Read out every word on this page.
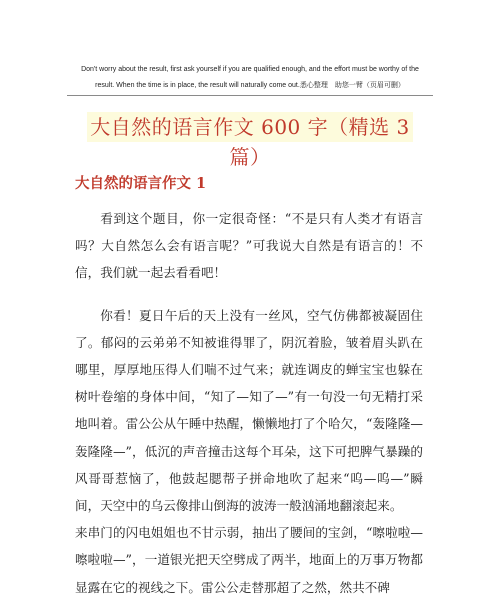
Don't worry about the result, first ask yourself if you are qualified enough, and the effort must be worthy of the
result. When the time is in place, the result will naturally come out.悉心整理　助您一臂（页眉可删）
大自然的语言作文 600 字（精选 3 篇）
大自然的语言作文 1

看到这个题目，你一定很奇怪：“不是只有人类才有语言吗？大自然怎么会有语言呢？”可我说大自然是有语言的！不信，我们就一起去看看吧！

你看！夏日午后的天上没有一丝风，空气仿佛都被凝固住了。郁闷的云弟弟不知被谁得罪了，阴沉着脸，皱着眉头趴在哪里，厚厚地压得人们喘不过气来；就连调皮的蝉宝宝也躲在树叶卷缩的身体中间，“知了—知了—”有一句没一句无精打采地叫着。雷公公从午睡中热醒，懒懒地打了个哈欠，“轰隆隆—轰隆隆—”，低沉的声音撞击这每个耳朵，这下可把脾气暴躁的风哥哥惹恼了，他鼓起腮帮子拼命地吹了起来“呜—呜—”瞬间，天空中的乌云像排山倒海的波涛一般汹涌地翻滚起来。

来串门的闪电姐姐也不甘示弱，抽出了腰间的宝剑，“嚓啦啦—嚓啦啦—”，一道银光把天空劈成了两半，地面上的万事万物都显露在它的视线之下。雷公公走替那超了之然，然共不碑
